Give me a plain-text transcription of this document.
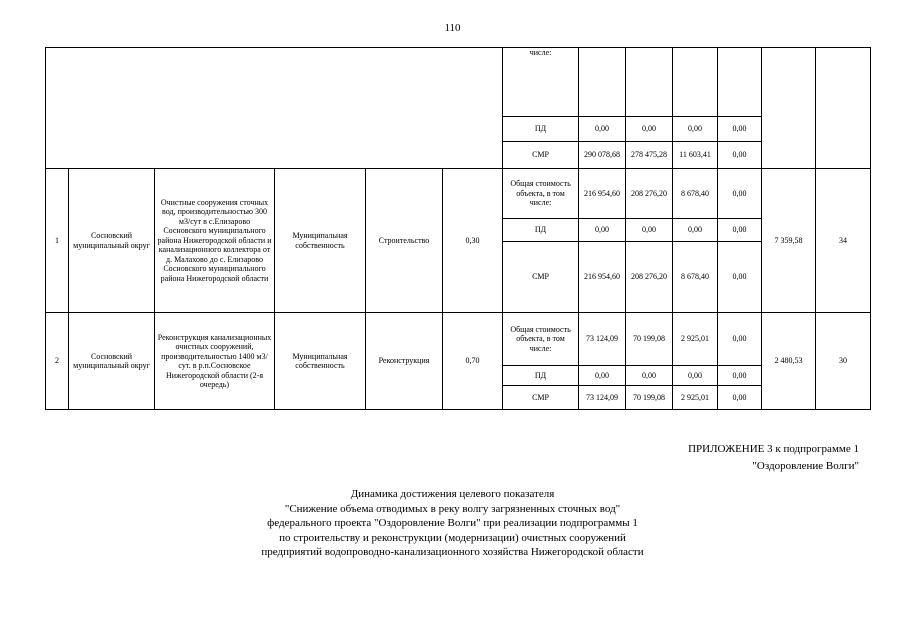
110
						числе:						
						ПД	0,00	0,00	0,00	0,00		
						СМР	290 078,68	278 475,28	11 603,41	0,00		
1	Сосновский муниципальный округ	Очистные сооружения сточных вод, производительностью 300 м3/сут в с.Елизарово Сосновского муниципального района Нижегородской области и канализационного коллектора от д. Малахово до с. Елизарово Сосновского муниципального района Нижегородской области	Муниципальная собственность	Строительство	0,30	Общая стоимость объекта, в том числе:	216 954,60	208 276,20	8 678,40	0,00	7 359,58	34
						ПД	0,00	0,00	0,00	0,00		
						СМР	216 954,60	208 276,20	8 678,40	0,00		
2	Сосновский муниципальный округ	Реконструкция канализационных очистных сооружений, производительностью 1400 м3/сут. в р.п.Сосновское Нижегородской области (2-я очередь)	Муниципальная собственность	Реконструкция	0,70	Общая стоимость объекта, в том числе:	73 124,09	70 199,08	2 925,01	0,00	2 480,53	30
						ПД	0,00	0,00	0,00	0,00		
						СМР	73 124,09	70 199,08	2 925,01	0,00		
ПРИЛОЖЕНИЕ 3 к подпрограмме 1
"Оздоровление Волги"
Динамика достижения целевого показателя
"Снижение объема отводимых в реку волгу загрязненных сточных вод"
федерального проекта "Оздоровление Волги" при реализации подпрограммы 1
по строительству и реконструкции (модернизации) очистных сооружений
предприятий водопроводно-канализационного хозяйства Нижегородской области
